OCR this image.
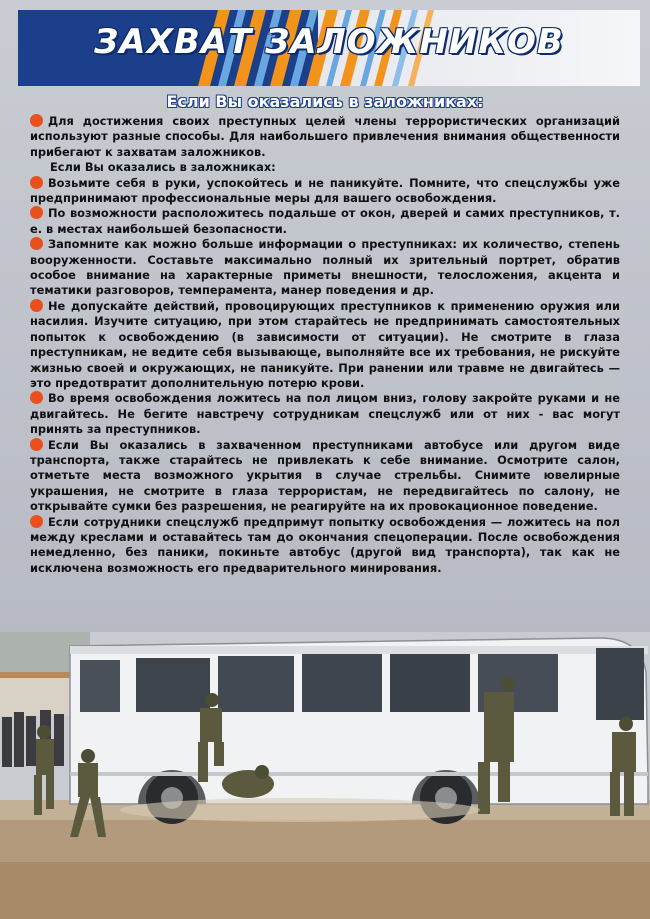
ЗАХВАТ ЗАЛОЖНИКОВ
Если Вы оказались в заложниках:

Для достижения своих преступных целей члены террористических организаций используют разные способы. Для наибольшего привлечения внимания общественности прибегают к захватам заложников.

Если Вы оказались в заложниках:

Возьмите себя в руки, успокойтесь и не паникуйте. Помните, что спецслужбы уже предпринимают профессиональные меры для вашего освобождения.

По возможности расположитесь подальше от окон, дверей и самих преступников, т. е. в местах наибольшей безопасности.

Запомните как можно больше информации о преступниках: их количество, степень вооруженности. Составьте максимально полный их зрительный портрет, обратив особое внимание на характерные приметы внешности, телосложения, акцента и тематики разговоров, темперамента, манер поведения и др.

Не допускайте действий, провоцирующих преступников к применению оружия или насилия. Изучите ситуацию, при этом старайтесь не предпринимать самостоятельных попыток к освобождению (в зависимости от ситуации). Не смотрите в глаза преступникам, не ведите себя вызывающе, выполняйте все их требования, не рискуйте жизнью своей и окружающих, не паникуйте. При ранении или травме не двигайтесь — это предотвратит дополнительную потерю крови.

Во время освобождения ложитесь на пол лицом вниз, голову закройте руками и не двигайтесь. Не бегите навстречу сотрудникам спецслужб или от них - вас могут принять за преступников.

Если Вы оказались в захваченном преступниками автобусе или другом виде транспорта, также старайтесь не привлекать к себе внимание. Осмотрите салон, отметьте места возможного укрытия в случае стрельбы. Снимите ювелирные украшения, не смотрите в глаза террористам, не передвигайтесь по салону, не открывайте сумки без разрешения, не реагируйте на их провокационное поведение.

Если сотрудники спецслужб предпримут попытку освобождения — ложитесь на пол между креслами и оставайтесь там до окончания спецоперации. После освобождения немедленно, без паники, покиньте автобус (другой вид транспорта), так как не исключена возможность его предварительного минирования.
